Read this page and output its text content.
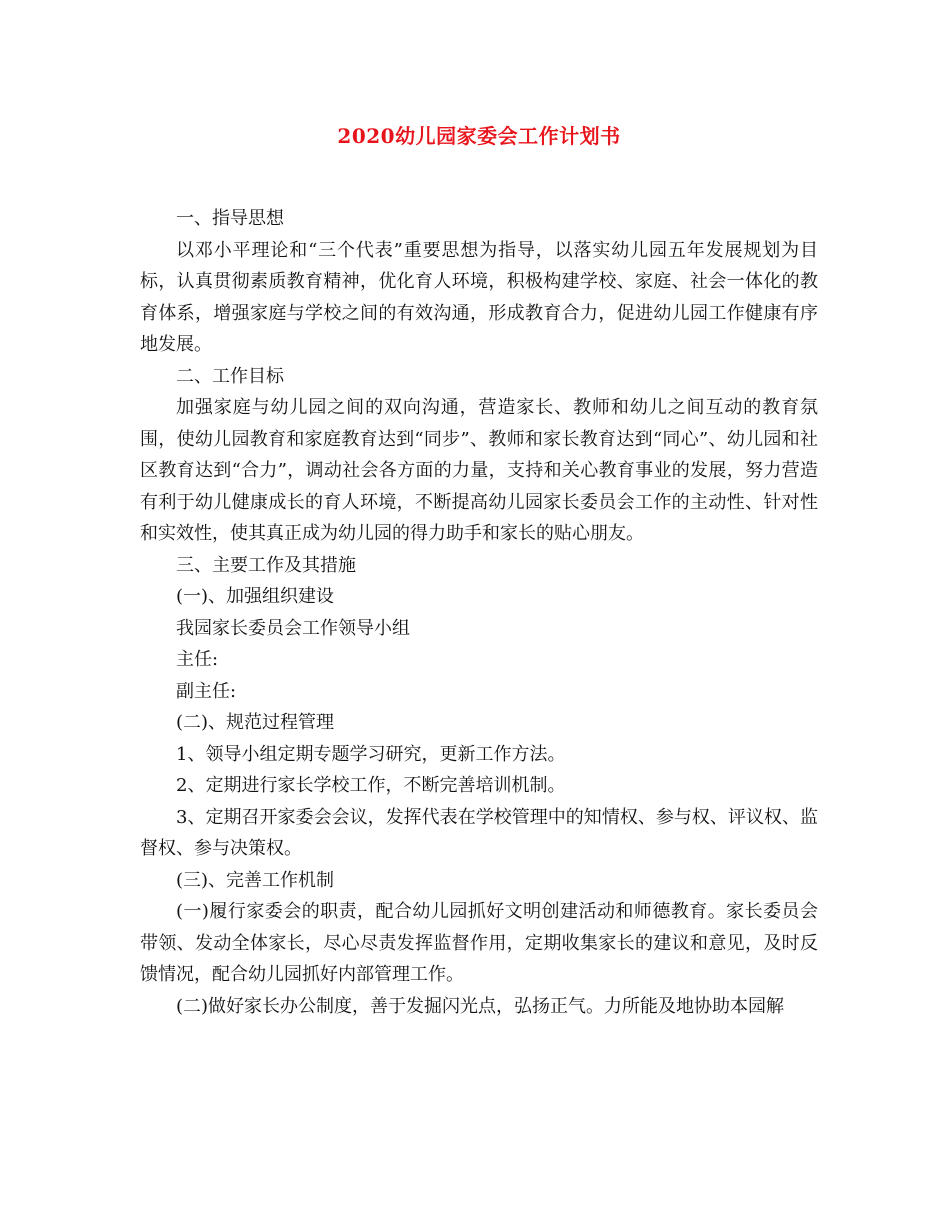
2020幼儿园家委会工作计划书

一、指导思想

以邓小平理论和“三个代表”重要思想为指导，以落实幼儿园五年发展规划为目标，认真贯彻素质教育精神，优化育人环境，积极构建学校、家庭、社会一体化的教育体系，增强家庭与学校之间的有效沟通，形成教育合力，促进幼儿园工作健康有序地发展。

二、工作目标

加强家庭与幼儿园之间的双向沟通，营造家长、教师和幼儿之间互动的教育氛围，使幼儿园教育和家庭教育达到“同步”、教师和家长教育达到“同心”、幼儿园和社区教育达到“合力”，调动社会各方面的力量，支持和关心教育事业的发展，努力营造有利于幼儿健康成长的育人环境，不断提高幼儿园家长委员会工作的主动性、针对性和实效性，使其真正成为幼儿园的得力助手和家长的贴心朋友。

三、主要工作及其措施

(一)、加强组织建设

我园家长委员会工作领导小组

主任:

副主任:

(二)、规范过程管理

1、领导小组定期专题学习研究，更新工作方法。

2、定期进行家长学校工作，不断完善培训机制。

3、定期召开家委会会议，发挥代表在学校管理中的知情权、参与权、评议权、监督权、参与决策权。

(三)、完善工作机制

(一)履行家委会的职责，配合幼儿园抓好文明创建活动和师德教育。家长委员会带领、发动全体家长，尽心尽责发挥监督作用，定期收集家长的建议和意见，及时反馈情况，配合幼儿园抓好内部管理工作。

(二)做好家长办公制度，善于发掘闪光点，弘扬正气。力所能及地协助本园解
